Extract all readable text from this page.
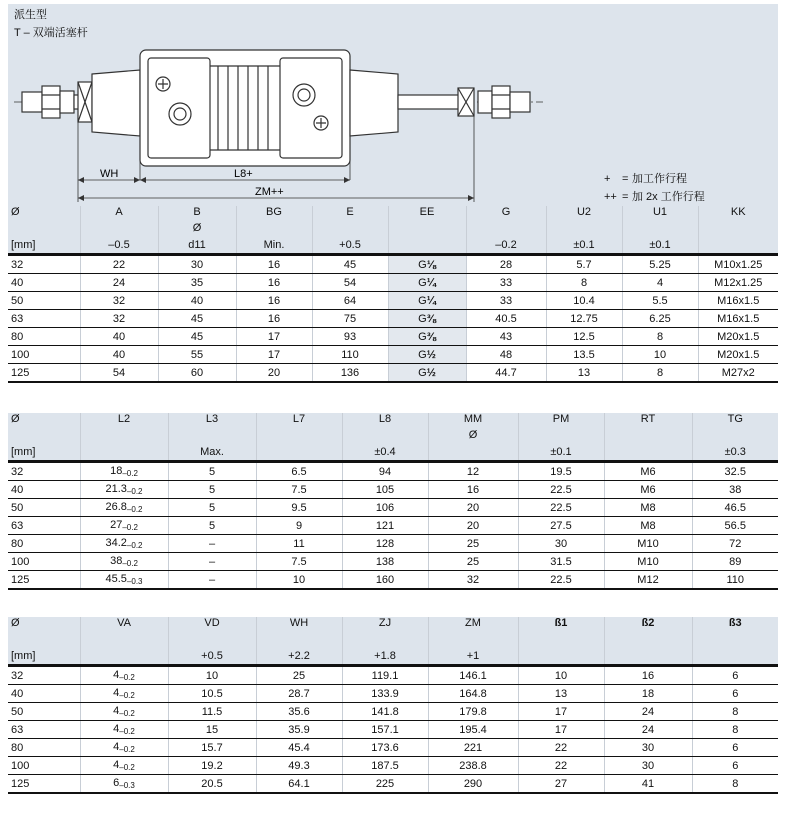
派生型
T – 双端活塞杆
WH	L8+
ZM++
+ = 加工作行程
++ = 加 2x 工作行程
Ø	A	B	BG	E	EE	G	U2	U1	KK
		Ø							
[mm]	–0.5	d11	Min.	+0.5		–0.2	±0.1	±0.1	
32	22	30	16	45	G⅛	28	5.7	5.25	M10x1.25
40	24	35	16	54	G¼	33	8	4	M12x1.25
50	32	40	16	64	G¼	33	10.4	5.5	M16x1.5
63	32	45	16	75	G⅜	40.5	12.75	6.25	M16x1.5
80	40	45	17	93	G⅜	43	12.5	8	M20x1.5
100	40	55	17	110	G½	48	13.5	10	M20x1.5
125	54	60	20	136	G½	44.7	13	8	M27x2
Ø	L2	L3	L7	L8	MM	PM	RT	TG
					Ø			
[mm]		Max.		±0.4		±0.1		±0.3
32	$18_{-0.2}$	5	6.5	94	12	19.5	M6	32.5
40	$21.3_{-0.2}$	5	7.5	105	16	22.5	M6	38
50	$26.8_{-0.2}$	5	9.5	106	20	22.5	M8	46.5
63	$27_{-0.2}$	5	9	121	20	27.5	M8	56.5
80	$34.2_{-0.2}$	–	11	128	25	30	M10	72
100	$38_{-0.2}$	–	7.5	138	25	31.5	M10	89
125	$45.5_{-0.3}$	–	10	160	32	22.5	M12	110
Ø	VA	VD	WH	ZJ	ZM	ß1	ß2	ß3

[mm]		+0.5	+2.2	+1.8	+1			
32	$4_{-0.2}$	10	25	119.1	146.1	10	16	6
40	$4_{-0.2}$	10.5	28.7	133.9	164.8	13	18	6
50	$4_{-0.2}$	11.5	35.6	141.8	179.8	17	24	8
63	$4_{-0.2}$	15	35.9	157.1	195.4	17	24	8
80	$4_{-0.2}$	15.7	45.4	173.6	221	22	30	6
100	$4_{-0.2}$	19.2	49.3	187.5	238.8	22	30	6
125	$6_{-0.3}$	20.5	64.1	225	290	27	41	8
